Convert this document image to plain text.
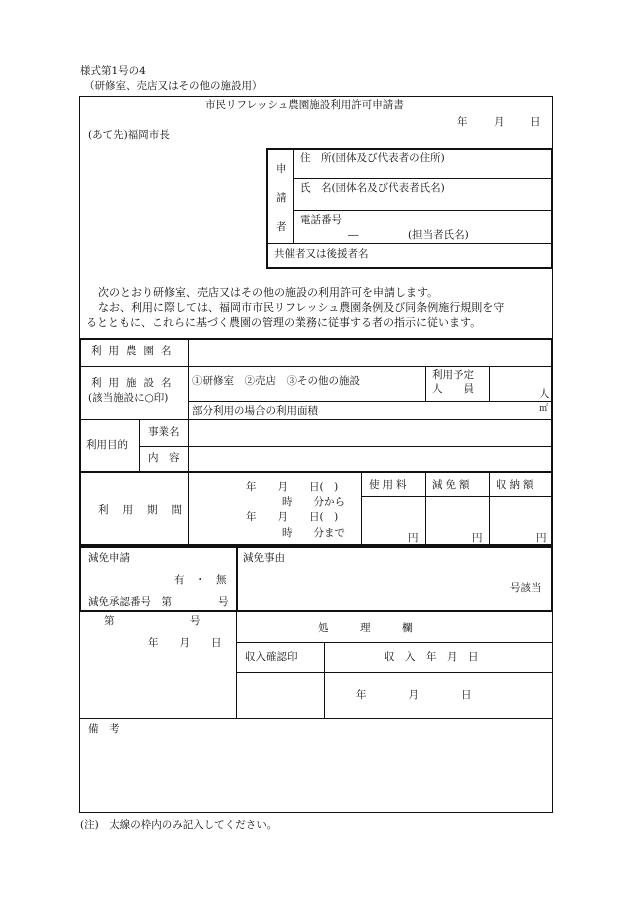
様式第1号の4
（研修室、売店又はその他の施設用）
市民リフレッシュ農園施設利用許可申請書
年	月 日
(あて先)福岡市長
申
請
者
住　所(団体及び代表者の住所)
氏　名(団体名及び代表者氏名)
電話番号
―	(担当者氏名)
共催者又は後援者名
次のとおり研修室、売店又はその他の施設の利用許可を申請します。
なお、利用に際しては、福岡市市民リフレッシュ農園条例及び同条例施行規則を守
るとともに、これらに基づく農園の管理の業務に従事する者の指示に従います。
利用農園名
利用施設名
(該当施設に○印)
①研修室　②売店　③その他の施設	利用予定
人　　員	人
部分利用の場合の利用面積	㎡
利用目的
事業名
内　容
利用期間
年　　月　　日(　)
時　　分から
年　　月　　日(　)
時　　分まで
使用料 減免額 収納額
円	円	円
減免申請
有　・　無
減免承認番号　第	号
減免事由
号該当
第	号
年　　月　　日
処　　　理　　　欄
収入確認印	収　入　年　月　日
年　　　　月　　　　日
備　考
(注)　太線の枠内のみ記入してください。
